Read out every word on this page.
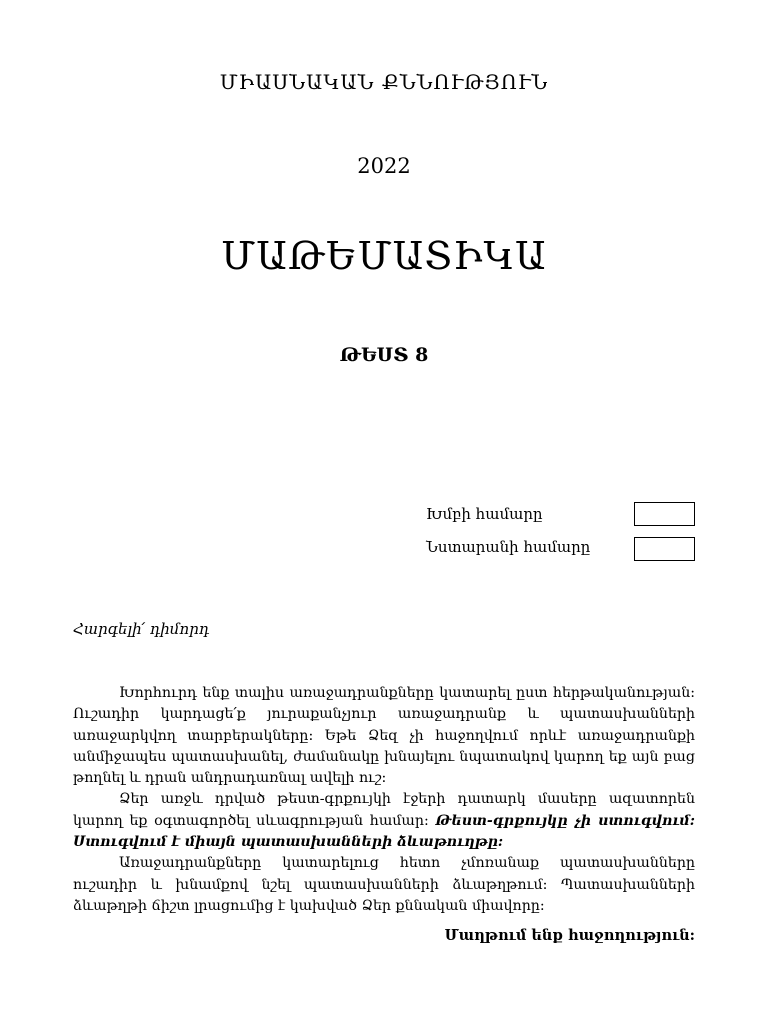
ՄԻԱՍՆԱԿԱՆ ՔՆՆՈՒԹՅՈՒՆ
2022
ՄԱԹԵՄԱՏԻԿԱ
ԹԵՍՏ 8
Խմբի համարը
Նստարանի համարը
Հարգելի՛ դիմորդ

Խորհուրդ ենք տալիս առաջադրանքները կատարել ըստ հերթականության: Ուշադիր կարդացե՛ք յուրաքանչյուր առաջադրանք և պատասխանների առաջարկվող տարբերակները: Եթե Ձեզ չի հաջողվում որևէ առաջադրանքի անմիջապես պատասխանել, ժամանակը խնայելու նպատակով կարող եք այն բաց թողնել և դրան անդրադառնալ ավելի ուշ:

Ձեր առջև դրված թեստ-գրքույկի էջերի դատարկ մասերը ազատորեն կարող եք օգտագործել սևագրության համար: Թեստ-գրքույկը չի ստուգվում: Ստուգվում է միայն պատասխանների ձևաթուղթը:

Առաջադրանքները կատարելուց հետո չմոռանաք պատասխանները ուշադիր և խնամքով նշել պատասխանների ձևաթղթում: Պատասխանների ձևաթղթի ճիշտ լրացումից է կախված Ձեր քննական միավորը:

Մաղթում ենք հաջողություն:
